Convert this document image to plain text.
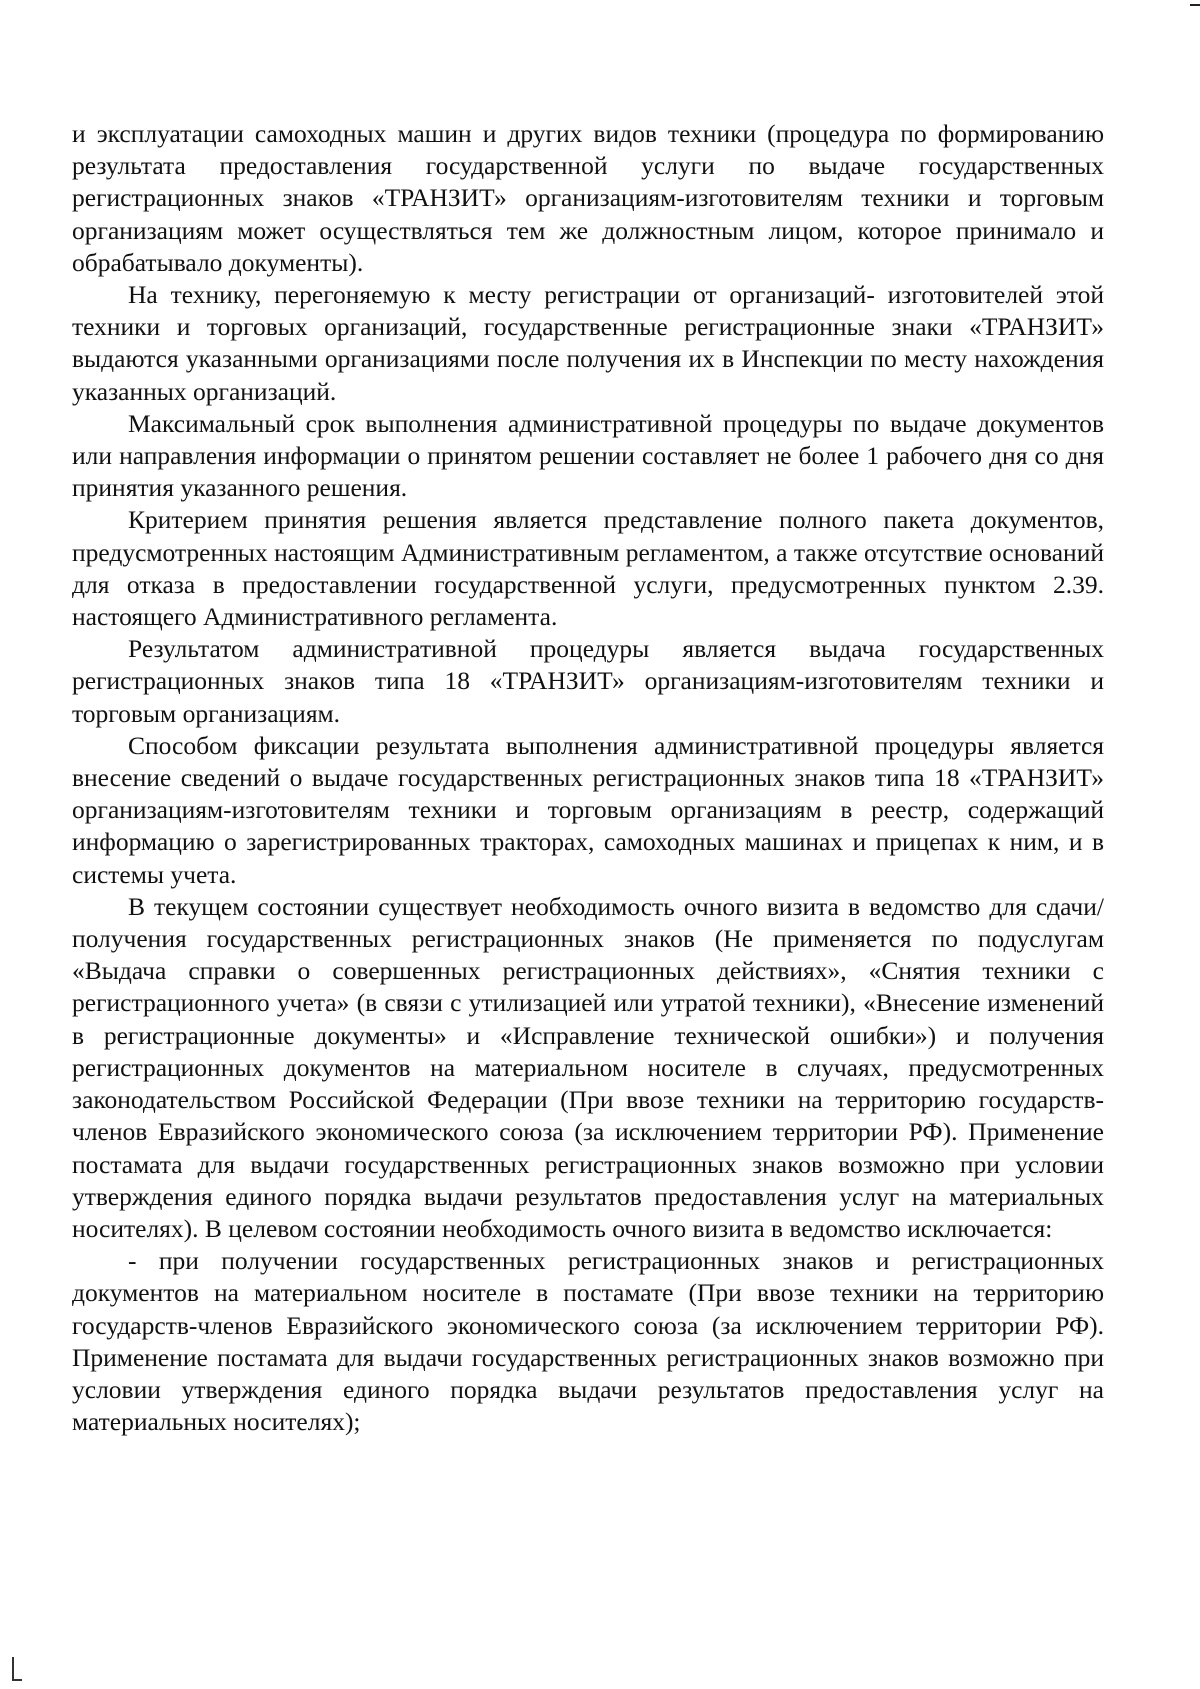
и эксплуатации самоходных машин и других видов техники (процедура по формированию результата предоставления государственной услуги по выдаче государственных регистрационных знаков «ТРАНЗИТ» организациям-изготовителям техники и торговым организациям может осуществляться тем же должностным лицом, которое принимало и обрабатывало документы).

На технику, перегоняемую к месту регистрации от организаций- изготовителей этой техники и торговых организаций, государственные регистрационные знаки «ТРАНЗИТ» выдаются указанными организациями после получения их в Инспекции по месту нахождения указанных организаций.

Максимальный срок выполнения административной процедуры по выдаче документов или направления информации о принятом решении составляет не более 1 рабочего дня со дня принятия указанного решения.

Критерием принятия решения является представление полного пакета документов, предусмотренных настоящим Административным регламентом, а также отсутствие оснований для отказа в предоставлении государственной услуги, предусмотренных пунктом 2.39. настоящего Административного регламента.

Результатом административной процедуры является выдача государственных регистрационных знаков типа 18 «ТРАНЗИТ» организациям-изготовителям техники и торговым организациям.

Способом фиксации результата выполнения административной процедуры является внесение сведений о выдаче государственных регистрационных знаков типа 18 «ТРАНЗИТ» организациям-изготовителям техники и торговым организациям в реестр, содержащий информацию о зарегистрированных тракторах, самоходных машинах и прицепах к ним, и в системы учета.

В текущем состоянии существует необходимость очного визита в ведомство для сдачи/получения государственных регистрационных знаков (Не применяется по подуслугам «Выдача справки о совершенных регистрационных действиях», «Снятия техники с регистрационного учета» (в связи с утилизацией или утратой техники), «Внесение изменений в регистрационные документы» и «Исправление технической ошибки») и получения регистрационных документов на материальном носителе в случаях, предусмотренных законодательством Российской Федерации (При ввозе техники на территорию государств-членов Евразийского экономического союза (за исключением территории РФ). Применение постамата для выдачи государственных регистрационных знаков возможно при условии утверждения единого порядка выдачи результатов предоставления услуг на материальных носителях). В целевом состоянии необходимость очного визита в ведомство исключается:

- при получении государственных регистрационных знаков и регистрационных документов на материальном носителе в постамате (При ввозе техники на территорию государств-членов Евразийского экономического союза (за исключением территории РФ). Применение постамата для выдачи государственных регистрационных знаков возможно при условии утверждения единого порядка выдачи результатов предоставления услуг на материальных носителях);
